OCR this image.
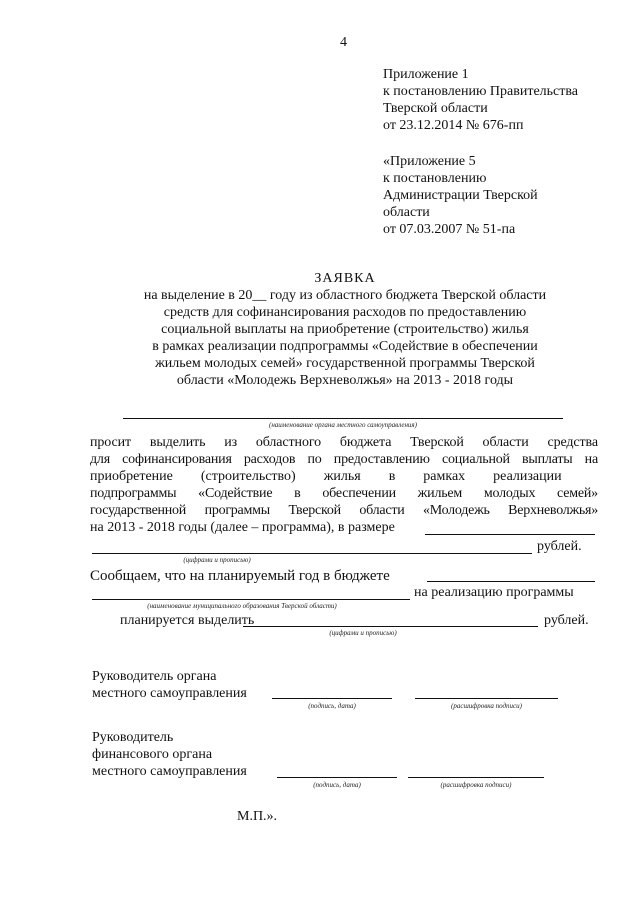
4
Приложение 1
к постановлению Правительства
Тверской области
от 23.12.2014 № 676-пп
«Приложение 5
к постановлению
Администрации Тверской
области
от 07.03.2007 № 51-па
ЗАЯВКА
на выделение в 20__ году из областного бюджета Тверской области
средств для софинансирования расходов по предоставлению
социальной выплаты на приобретение (строительство) жилья
в рамках реализации подпрограммы «Содействие в обеспечении
жильем молодых семей» государственной программы Тверской
области «Молодежь Верхневолжья» на 2013 - 2018 годы
(наименование органа местного самоуправления)
просит выделить из областного бюджета Тверской области средства
для софинансирования расходов по предоставлению социальной выплаты на
приобретение        (строительство)        жилья        в        рамках        реализации
подпрограммы «Содействие в обеспечении жильем молодых семей»
государственной программы Тверской области «Молодежь Верхневолжья»
на 2013 - 2018 годы (далее – программа), в размере
рублей.
(цифрами и прописью)
Сообщаем, что на планируемый год в бюджете
на реализацию программы
(наименование муниципального образования Тверской области)
планируется выделить	рублей.
(цифрами и прописью)
Руководитель органа
местного самоуправления
(подпись, дата)	(расшифровка подписи)
Руководитель
финансового органа
местного самоуправления
(подпись, дата)	(расшифровка подписи)
М.П.».
